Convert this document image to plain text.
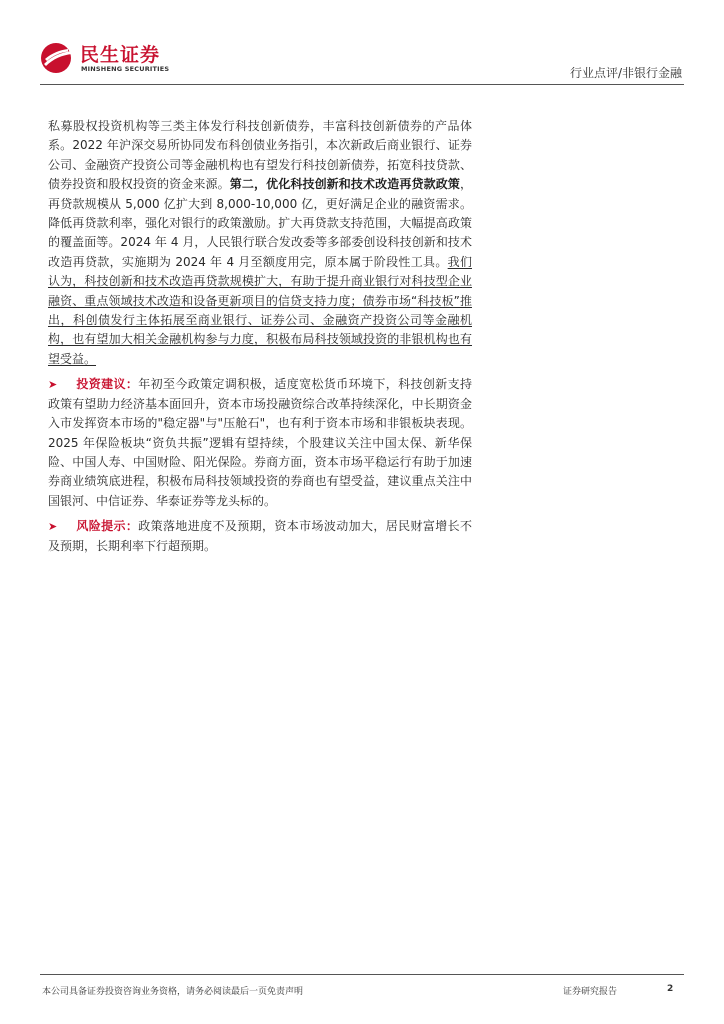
民生证券
MINSHENG SECURITIES	行业点评/非银行金融

私募股权投资机构等三类主体发行科技创新债券，丰富科技创新债券的产品体系。2022 年沪深交易所协同发布科创债业务指引，本次新政后商业银行、证券公司、金融资产投资公司等金融机构也有望发行科技创新债券，拓宽科技贷款、债券投资和股权投资的资金来源。第二，优化科技创新和技术改造再贷款政策，再贷款规模从 5,000 亿扩大到 8,000-10,000 亿，更好满足企业的融资需求。降低再贷款利率，强化对银行的政策激励。扩大再贷款支持范围，大幅提高政策的覆盖面等。2024 年 4 月，人民银行联合发改委等多部委创设科技创新和技术改造再贷款，实施期为 2024 年 4 月至额度用完，原本属于阶段性工具。我们认为，科技创新和技术改造再贷款规模扩大，有助于提升商业银行对科技型企业融资、重点领域技术改造和设备更新项目的信贷支持力度；债券市场“科技板”推出，科创债发行主体拓展至商业银行、证券公司、金融资产投资公司等金融机构，也有望加大相关金融机构参与力度，积极布局科技领域投资的非银机构也有望受益。

➤ 投资建议：年初至今政策定调积极，适度宽松货币环境下，科技创新支持政策有望助力经济基本面回升，资本市场投融资综合改革持续深化，中长期资金入市发挥资本市场的"稳定器"与"压舱石"，也有利于资本市场和非银板块表现。2025 年保险板块“资负共振”逻辑有望持续，个股建议关注中国太保、新华保险、中国人寿、中国财险、阳光保险。券商方面，资本市场平稳运行有助于加速券商业绩筑底进程，积极布局科技领域投资的券商也有望受益，建议重点关注中国银河、中信证券、华泰证券等龙头标的。

➤ 风险提示：政策落地进度不及预期，资本市场波动加大，居民财富增长不及预期，长期利率下行超预期。

本公司具备证券投资咨询业务资格，请务必阅读最后一页免责声明	证券研究报告	2
